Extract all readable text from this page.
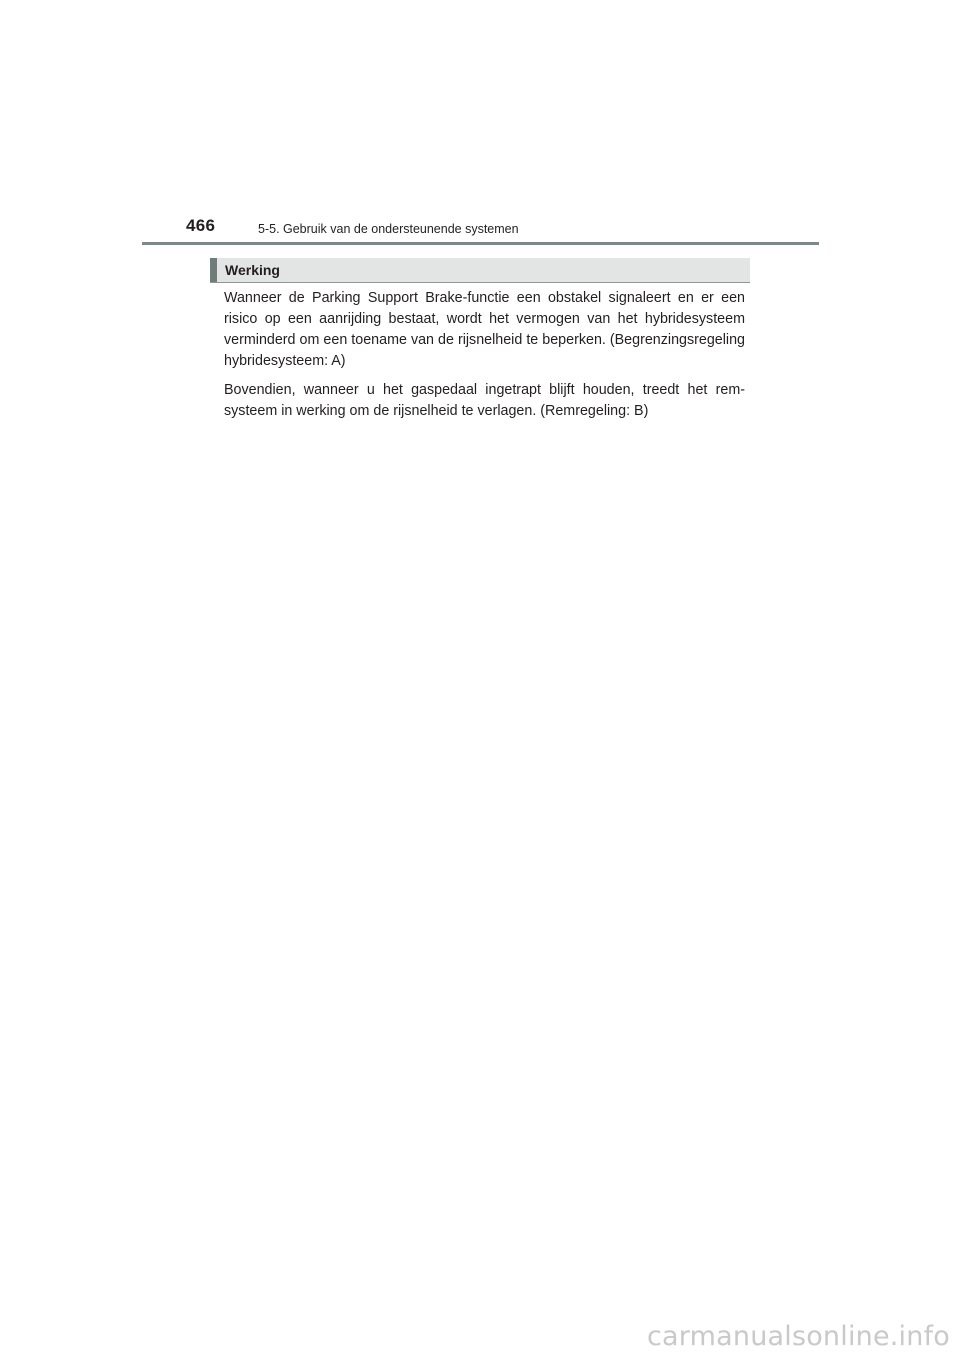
466	5-5. Gebruik van de ondersteunende systemen
Werking

Wanneer de Parking Support Brake-functie een obstakel signaleert en er een risico op een aanrijding bestaat, wordt het vermogen van het hybridesysteem verminderd om een toename van de rijsnelheid te beperken. (Begrenzingsregeling hybridesysteem: A)

Bovendien, wanneer u het gaspedaal ingetrapt blijft houden, treedt het rem-systeem in werking om de rijsnelheid te verlagen. (Remregeling: B)

carmanualsonline.info
